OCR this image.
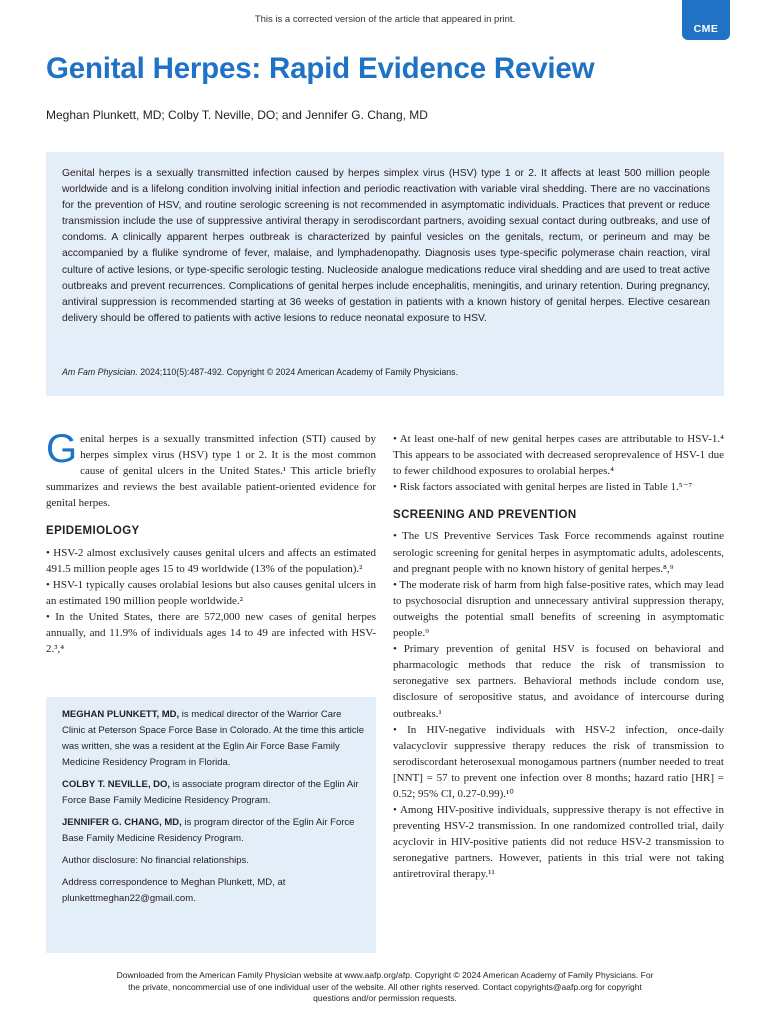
This is a corrected version of the article that appeared in print.
CME
Genital Herpes: Rapid Evidence Review
Meghan Plunkett, MD; Colby T. Neville, DO; and Jennifer G. Chang, MD

Genital herpes is a sexually transmitted infection caused by herpes simplex virus (HSV) type 1 or 2. It affects at least 500 million people worldwide and is a lifelong condition involving initial infection and periodic reactivation with variable viral shedding. There are no vaccinations for the prevention of HSV, and routine serologic screening is not recommended in asymptomatic individuals. Practices that prevent or reduce transmission include the use of suppressive antiviral therapy in serodiscordant partners, avoiding sexual contact during outbreaks, and use of condoms. A clinically apparent herpes outbreak is characterized by painful vesicles on the genitals, rectum, or perineum and may be accompanied by a flulike syndrome of fever, malaise, and lymphadenopathy. Diagnosis uses type-specific polymerase chain reaction, viral culture of active lesions, or type-specific serologic testing. Nucleoside analogue medications reduce viral shedding and are used to treat active outbreaks and prevent recurrences. Complications of genital herpes include encephalitis, meningitis, and urinary retention. During pregnancy, antiviral suppression is recommended starting at 36 weeks of gestation in patients with a known history of genital herpes. Elective cesarean delivery should be offered to patients with active lesions to reduce neonatal exposure to HSV.

Am Fam Physician. 2024;110(5):487-492. Copyright © 2024 American Academy of Family Physicians.

Genital herpes is a sexually transmitted infection (STI) caused by herpes simplex virus (HSV) type 1 or 2. It is the most common cause of genital ulcers in the United States.¹ This article briefly summarizes and reviews the best available patient-oriented evidence for genital herpes.

EPIDEMIOLOGY

• HSV-2 almost exclusively causes genital ulcers and affects an estimated 491.5 million people ages 15 to 49 worldwide (13% of the population).²

• HSV-1 typically causes orolabial lesions but also causes genital ulcers in an estimated 190 million people worldwide.²

• In the United States, there are 572,000 new cases of genital herpes annually, and 11.9% of individuals ages 14 to 49 are infected with HSV-2.³,⁴

MEGHAN PLUNKETT, MD, is medical director of the Warrior Care Clinic at Peterson Space Force Base in Colorado. At the time this article was written, she was a resident at the Eglin Air Force Base Family Medicine Residency Program in Florida.

COLBY T. NEVILLE, DO, is associate program director of the Eglin Air Force Base Family Medicine Residency Program.

JENNIFER G. CHANG, MD, is program director of the Eglin Air Force Base Family Medicine Residency Program.

Author disclosure: No financial relationships.

Address correspondence to Meghan Plunkett, MD, at plunkettmeghan22@gmail.com.

• At least one-half of new genital herpes cases are attributable to HSV-1.⁴ This appears to be associated with decreased seroprevalence of HSV-1 due to fewer childhood exposures to orolabial herpes.⁴

• Risk factors associated with genital herpes are listed in Table 1.⁵⁻⁷

SCREENING AND PREVENTION

• The US Preventive Services Task Force recommends against routine serologic screening for genital herpes in asymptomatic adults, adolescents, and pregnant people with no known history of genital herpes.⁸,⁹

• The moderate risk of harm from high false-positive rates, which may lead to psychosocial disruption and unnecessary antiviral suppression therapy, outweighs the potential small benefits of screening in asymptomatic people.⁹

• Primary prevention of genital HSV is focused on behavioral and pharmacologic methods that reduce the risk of transmission to seronegative sex partners. Behavioral methods include condom use, disclosure of seropositive status, and avoidance of intercourse during outbreaks.¹

• In HIV-negative individuals with HSV-2 infection, once-daily valacyclovir suppressive therapy reduces the risk of transmission to serodiscordant heterosexual monogamous partners (number needed to treat [NNT] = 57 to prevent one infection over 8 months; hazard ratio [HR] = 0.52; 95% CI, 0.27-0.99).¹⁰

• Among HIV-positive individuals, suppressive therapy is not effective in preventing HSV-2 transmission. In one randomized controlled trial, daily acyclovir in HIV-positive patients did not reduce HSV-2 transmission to seronegative partners. However, patients in this trial were not taking antiretroviral therapy.¹¹

Downloaded from the American Family Physician website at www.aafp.org/afp. Copyright © 2024 American Academy of Family Physicians. For the private, noncommercial use of one individual user of the website. All other rights reserved. Contact copyrights@aafp.org for copyright questions and/or permission requests.
